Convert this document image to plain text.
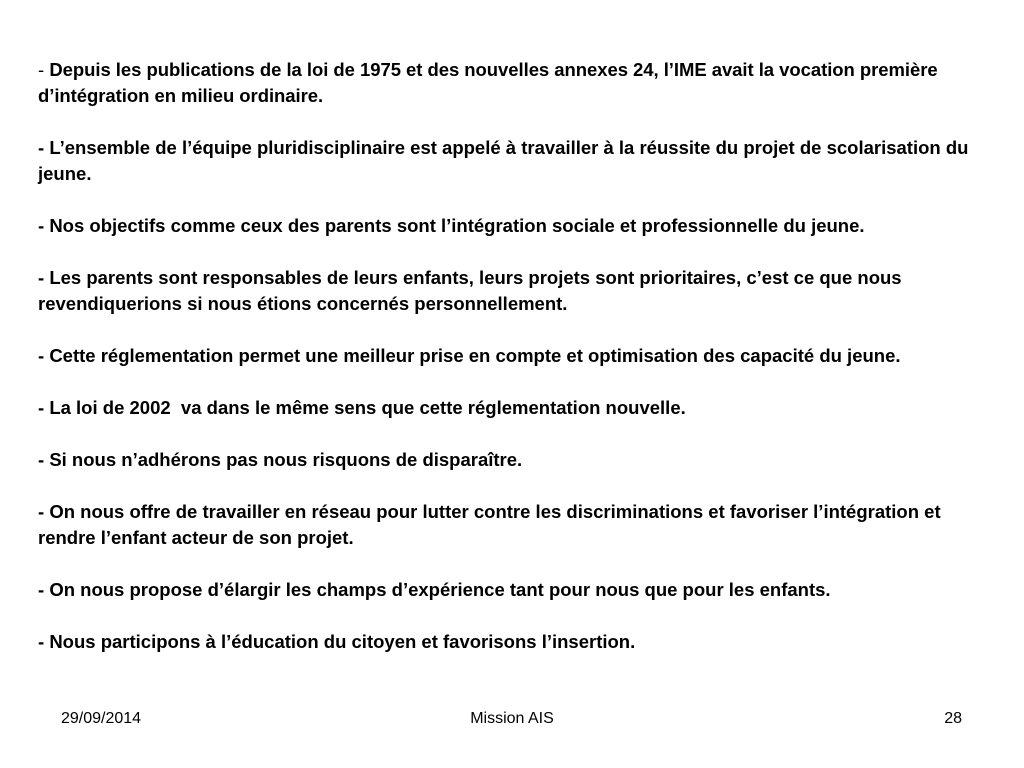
- Depuis les publications de la loi de 1975 et des nouvelles annexes 24, l’IME avait la vocation première d’intégration en milieu ordinaire.

- L’ensemble de l’équipe pluridisciplinaire est appelé à travailler à la réussite du projet de scolarisation du jeune.

- Nos objectifs comme ceux des parents sont l’intégration sociale et professionnelle du jeune.

- Les parents sont responsables de leurs enfants, leurs projets sont prioritaires, c’est ce que nous revendiquerions si nous étions concernés personnellement.

- Cette réglementation permet une meilleur prise en compte et optimisation des capacité du jeune.

- La loi de 2002  va dans le même sens que cette réglementation nouvelle.

- Si nous n’adhérons pas nous risquons de disparaître.

- On nous offre de travailler en réseau pour lutter contre les discriminations et favoriser l’intégration et rendre l’enfant acteur de son projet.

- On nous propose d’élargir les champs d’expérience tant pour nous que pour les enfants.

- Nous participons à l’éducation du citoyen et favorisons l’insertion.

29/09/2014	Mission AIS	28
